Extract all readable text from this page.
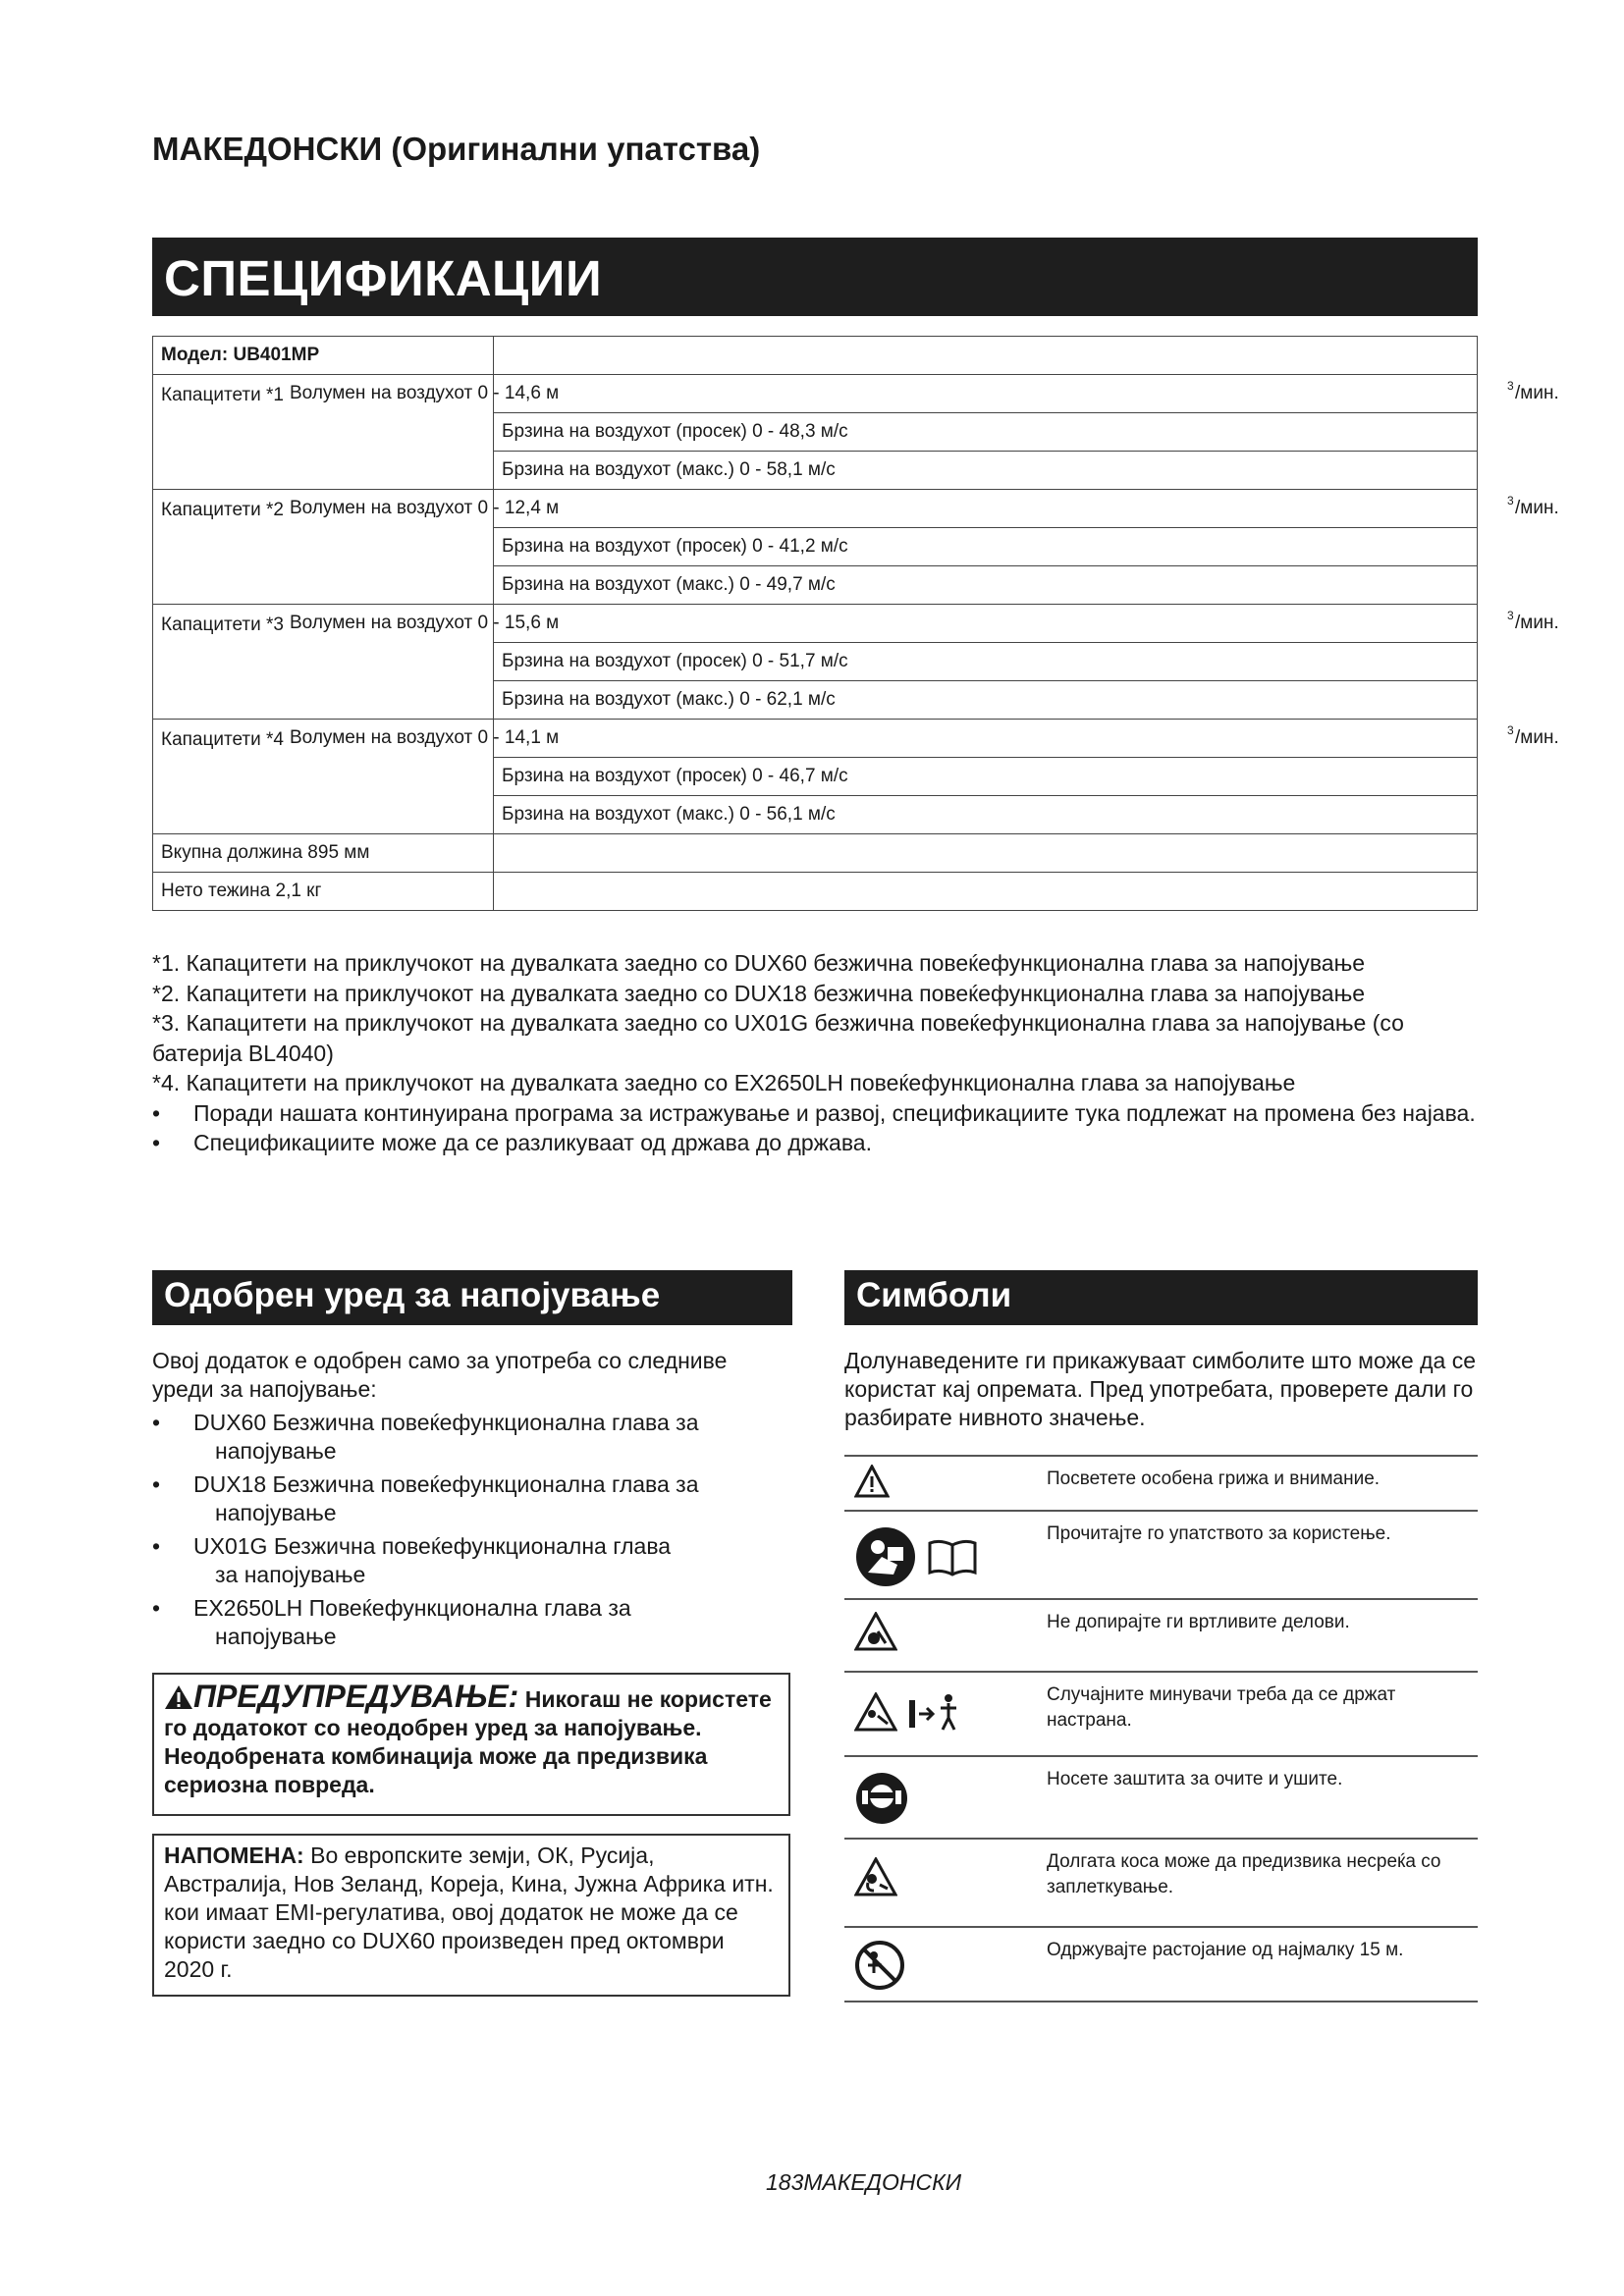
МАКЕДОНСКИ (Оригинални упатства)
СПЕЦИФИКАЦИИ
Модел: UB401MP	
Капацитети *1	Волумен на воздухот 0 - 14,6 м 3 /мин.

	Брзина на воздухот (просек) 0 - 48,3 м/с
	Брзина на воздухот (макс.) 0 - 58,1 м/с
Капацитети *2	Волумен на воздухот 0 - 12,4 м 3 /мин.

	Брзина на воздухот (просек) 0 - 41,2 м/с
	Брзина на воздухот (макс.) 0 - 49,7 м/с
Капацитети *3	Волумен на воздухот 0 - 15,6 м 3 /мин.

	Брзина на воздухот (просек) 0 - 51,7 м/с
	Брзина на воздухот (макс.) 0 - 62,1 м/с
Капацитети *4	Волумен на воздухот 0 - 14,1 м 3 /мин.

	Брзина на воздухот (просек) 0 - 46,7 м/с
	Брзина на воздухот (макс.) 0 - 56,1 м/с
Вкупна должина 895 мм	
Нето тежина 2,1 кг	

*1. Капацитети на приклучокот на дувалката заедно со DUX60 безжична повеќефункционална глава за напојување

*2. Капацитети на приклучокот на дувалката заедно со DUX18 безжична повеќефункционална глава за напојување

*3. Капацитети на приклучокот на дувалката заедно со UX01G безжична повеќефункционална глава за напојување (со батерија BL4040)

*4. Капацитети на приклучокот на дувалката заедно со EX2650LH повеќефункционална глава за напојување

•	Поради нашата континуирана програма за истражување и развој, спецификациите тука подлежат на промена без најава.
•	Спецификациите може да се разликуваат од држава до држава.
Одобрен уред за напојување

Овој додаток е одобрен само за употреба со следниве уреди за напојување:

•	DUX60 Безжична повеќефункционална глава за
напојување
•	DUX18 Безжична повеќефункционална глава за
напојување
•	UX01G Безжична повеќефункционална глава
за напојување
•	EX2650LH Повеќефункционална глава за
напојување
ПРЕДУПРЕДУВАЊЕ: Никогаш не користете го додатокот со неодобрен уред за напојување. Неодобрената комбинација може да предизвика сериозна повреда.
НАПОМЕНА: Во европските земји, ОК, Русија, Австралија, Нов Зеланд, Кореја, Кина, Јужна Африка итн. кои имаат EMI-регулатива, овој додаток не може да се користи заедно со DUX60 произведен пред октомври 2020 г.
Симболи

Долунаведените ги прикажуваат симболите што може да се користат кај опремата. Пред употребата, проверете дали го разбирате нивното значење.

Посветете особена грижа и внимание.
Прочитајте го упатството за користење.
Не допирајте ги вртливите делови.
Случајните минувачи треба да се држат настрана.
Носете заштита за очите и ушите.
Долгата коса може да предизвика несреќа со заплеткување.
Одржувајте растојание од најмалку 15 м.
183МАКЕДОНСКИ
